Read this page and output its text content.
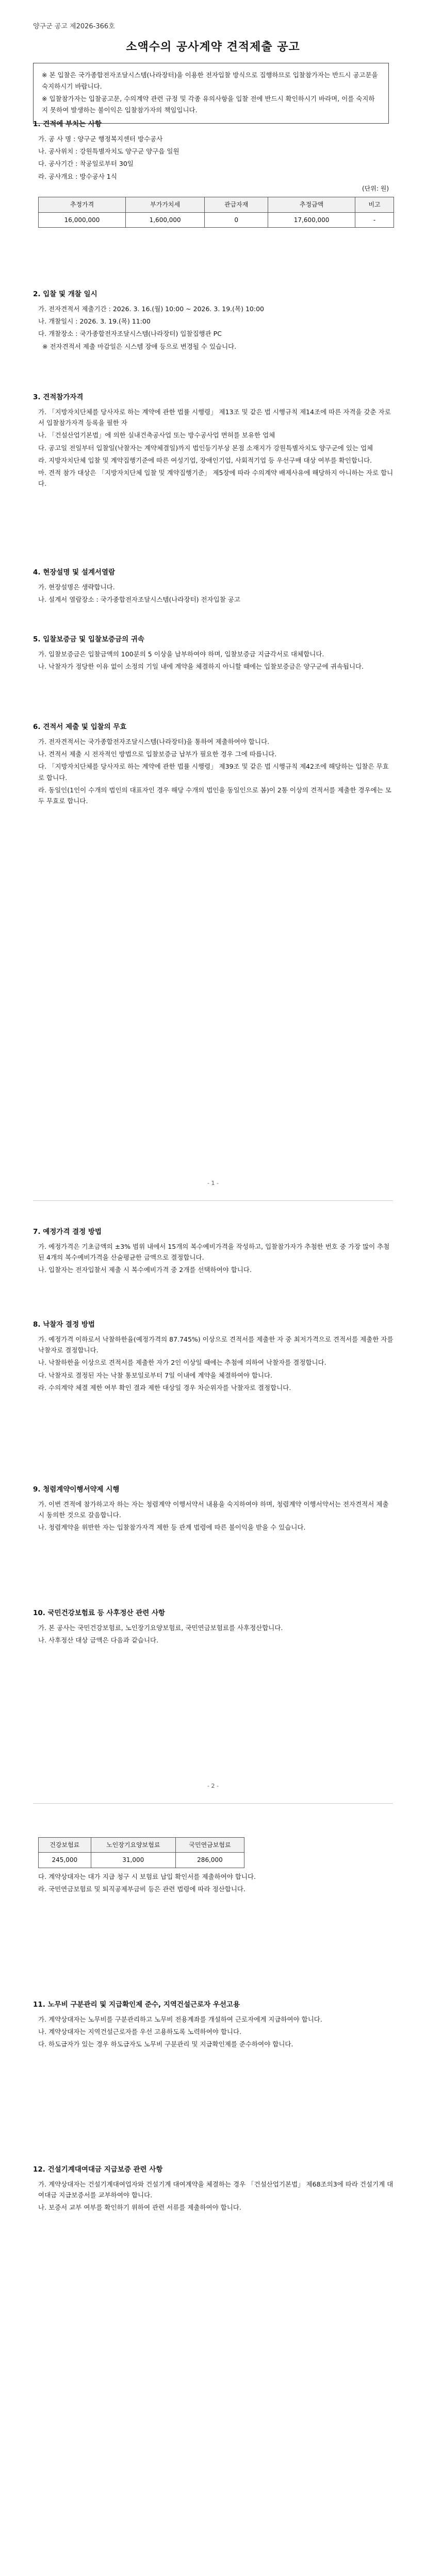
양구군 공고 제2026-366호
소액수의 공사계약 견적제출 공고

※ 본 입찰은 국가종합전자조달시스템(나라장터)을 이용한 전자입찰 방식으로 집행하므로 입찰참가자는 반드시 공고문을 숙지하시기 바랍니다.

※ 입찰참가자는 입찰공고문, 수의계약 관련 규정 및 각종 유의사항을 입찰 전에 반드시 확인하시기 바라며, 이를 숙지하지 못하여 발생하는 불이익은 입찰참가자의 책임입니다.

1. 견적에 부치는 사항
가. 공 사 명 : 양구군 행정복지센터 방수공사
나. 공사위치 : 강원특별자치도 양구군 양구읍 일원
다. 공사기간 : 착공일로부터 30일
라. 공사개요 : 방수공사 1식
(단위: 원)
추정가격	부가가치세	관급자재	추정금액	비고
16,000,000	1,600,000	0	17,600,000	-
2. 입찰 및 개찰 일시
가. 전자견적서 제출기간 : 2026. 3. 16.(월) 10:00 ~ 2026. 3. 19.(목) 10:00
나. 개찰일시 : 2026. 3. 19.(목) 11:00
다. 개찰장소 : 국가종합전자조달시스템(나라장터) 입찰집행관 PC
※ 전자견적서 제출 마감일은 시스템 장애 등으로 변경될 수 있습니다.
3. 견적참가자격
가. 「지방자치단체를 당사자로 하는 계약에 관한 법률 시행령」 제13조 및 같은 법 시행규칙 제14조에 따른 자격을 갖춘 자로서 입찰참가자격 등록을 필한 자
나. 「건설산업기본법」에 의한 실내건축공사업 또는 방수공사업 면허를 보유한 업체
다. 공고일 전일부터 입찰일(낙찰자는 계약체결일)까지 법인등기부상 본점 소재지가 강원특별자치도 양구군에 있는 업체
라. 지방자치단체 입찰 및 계약집행기준에 따른 여성기업, 장애인기업, 사회적기업 등 우선구매 대상 여부를 확인합니다.
마. 견적 참가 대상은 「지방자치단체 입찰 및 계약집행기준」 제5장에 따라 수의계약 배제사유에 해당하지 아니하는 자로 합니다.
4. 현장설명 및 설계서열람
가. 현장설명은 생략합니다.
나. 설계서 열람장소 : 국가종합전자조달시스템(나라장터) 전자입찰 공고
5. 입찰보증금 및 입찰보증금의 귀속
가. 입찰보증금은 입찰금액의 100분의 5 이상을 납부하여야 하며, 입찰보증금 지급각서로 대체합니다.
나. 낙찰자가 정당한 이유 없이 소정의 기일 내에 계약을 체결하지 아니할 때에는 입찰보증금은 양구군에 귀속됩니다.
6. 견적서 제출 및 입찰의 무효
가. 전자견적서는 국가종합전자조달시스템(나라장터)을 통하여 제출하여야 합니다.
나. 견적서 제출 시 전자적인 방법으로 입찰보증금 납부가 필요한 경우 그에 따릅니다.
다. 「지방자치단체를 당사자로 하는 계약에 관한 법률 시행령」 제39조 및 같은 법 시행규칙 제42조에 해당하는 입찰은 무효로 합니다.
라. 동일인(1인이 수개의 법인의 대표자인 경우 해당 수개의 법인을 동일인으로 봄)이 2통 이상의 견적서를 제출한 경우에는 모두 무효로 합니다.
- 1 -
7. 예정가격 결정 방법
가. 예정가격은 기초금액의 ±3% 범위 내에서 15개의 복수예비가격을 작성하고, 입찰참가자가 추첨한 번호 중 가장 많이 추첨된 4개의 복수예비가격을 산술평균한 금액으로 결정합니다.
나. 입찰자는 전자입찰서 제출 시 복수예비가격 중 2개를 선택하여야 합니다.
8. 낙찰자 결정 방법
가. 예정가격 이하로서 낙찰하한율(예정가격의 87.745%) 이상으로 견적서를 제출한 자 중 최저가격으로 견적서를 제출한 자를 낙찰자로 결정합니다.
나. 낙찰하한율 이상으로 견적서를 제출한 자가 2인 이상일 때에는 추첨에 의하여 낙찰자를 결정합니다.
다. 낙찰자로 결정된 자는 낙찰 통보일로부터 7일 이내에 계약을 체결하여야 합니다.
라. 수의계약 체결 제한 여부 확인 결과 제한 대상일 경우 차순위자를 낙찰자로 결정합니다.
9. 청렴계약이행서약제 시행
가. 이번 견적에 참가하고자 하는 자는 청렴계약 이행서약서 내용을 숙지하여야 하며, 청렴계약 이행서약서는 전자견적서 제출 시 동의한 것으로 갈음합니다.
나. 청렴계약을 위반한 자는 입찰참가자격 제한 등 관계 법령에 따른 불이익을 받을 수 있습니다.
10. 국민건강보험료 등 사후정산 관련 사항
가. 본 공사는 국민건강보험료, 노인장기요양보험료, 국민연금보험료를 사후정산합니다.
나. 사후정산 대상 금액은 다음과 같습니다.
- 2 -
건강보험료	노인장기요양보험료	국민연금보험료
245,000	31,000	286,000
다. 계약상대자는 대가 지급 청구 시 보험료 납입 확인서를 제출하여야 합니다.
라. 국민연금보험료 및 퇴직공제부금비 등은 관련 법령에 따라 정산합니다.
11. 노무비 구분관리 및 지급확인제 준수, 지역건설근로자 우선고용
가. 계약상대자는 노무비를 구분관리하고 노무비 전용계좌를 개설하여 근로자에게 지급하여야 합니다.
나. 계약상대자는 지역건설근로자를 우선 고용하도록 노력하여야 합니다.
다. 하도급자가 있는 경우 하도급자도 노무비 구분관리 및 지급확인제를 준수하여야 합니다.
12. 건설기계대여대금 지급보증 관련 사항
가. 계약상대자는 건설기계대여업자와 건설기계 대여계약을 체결하는 경우 「건설산업기본법」 제68조의3에 따라 건설기계 대여대금 지급보증서를 교부하여야 합니다.
나. 보증서 교부 여부를 확인하기 위하여 관련 서류를 제출하여야 합니다.
